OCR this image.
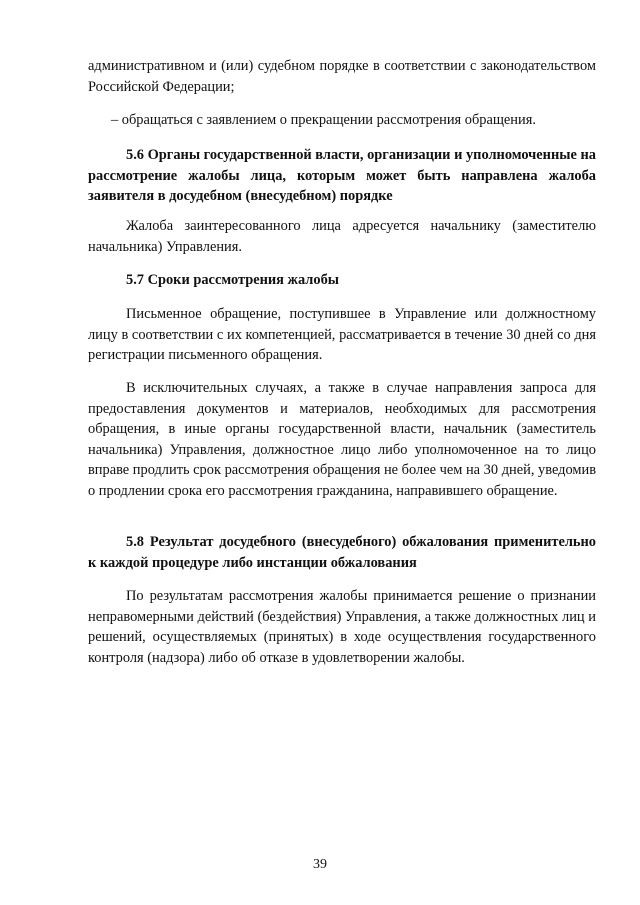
административном и (или) судебном порядке в соответствии с законодательством Российской Федерации;

– обращаться с заявлением о прекращении рассмотрения обращения.

5.6 Органы государственной власти, организации и уполномоченные на рассмотрение жалобы лица, которым может быть направлена жалоба заявителя в досудебном (внесудебном) порядке

Жалоба заинтересованного лица адресуется начальнику (заместителю начальника) Управления.

5.7 Сроки рассмотрения жалобы

Письменное обращение, поступившее в Управление или должностному лицу в соответствии с их компетенцией, рассматривается в течение 30 дней со дня регистрации письменного обращения.

В исключительных случаях, а также в случае направления запроса для предоставления документов и материалов, необходимых для рассмотрения обращения, в иные органы государственной власти, начальник (заместитель начальника) Управления, должностное лицо либо уполномоченное на то лицо вправе продлить срок рассмотрения обращения не более чем на 30 дней, уведомив о продлении срока его рассмотрения гражданина, направившего обращение.

5.8 Результат досудебного (внесудебного) обжалования применительно к каждой процедуре либо инстанции обжалования

По результатам рассмотрения жалобы принимается решение о признании неправомерными действий (бездействия) Управления, а также должностных лиц и решений, осуществляемых (принятых) в ходе осуществления государственного контроля (надзора) либо об отказе в удовлетворении жалобы.

39
